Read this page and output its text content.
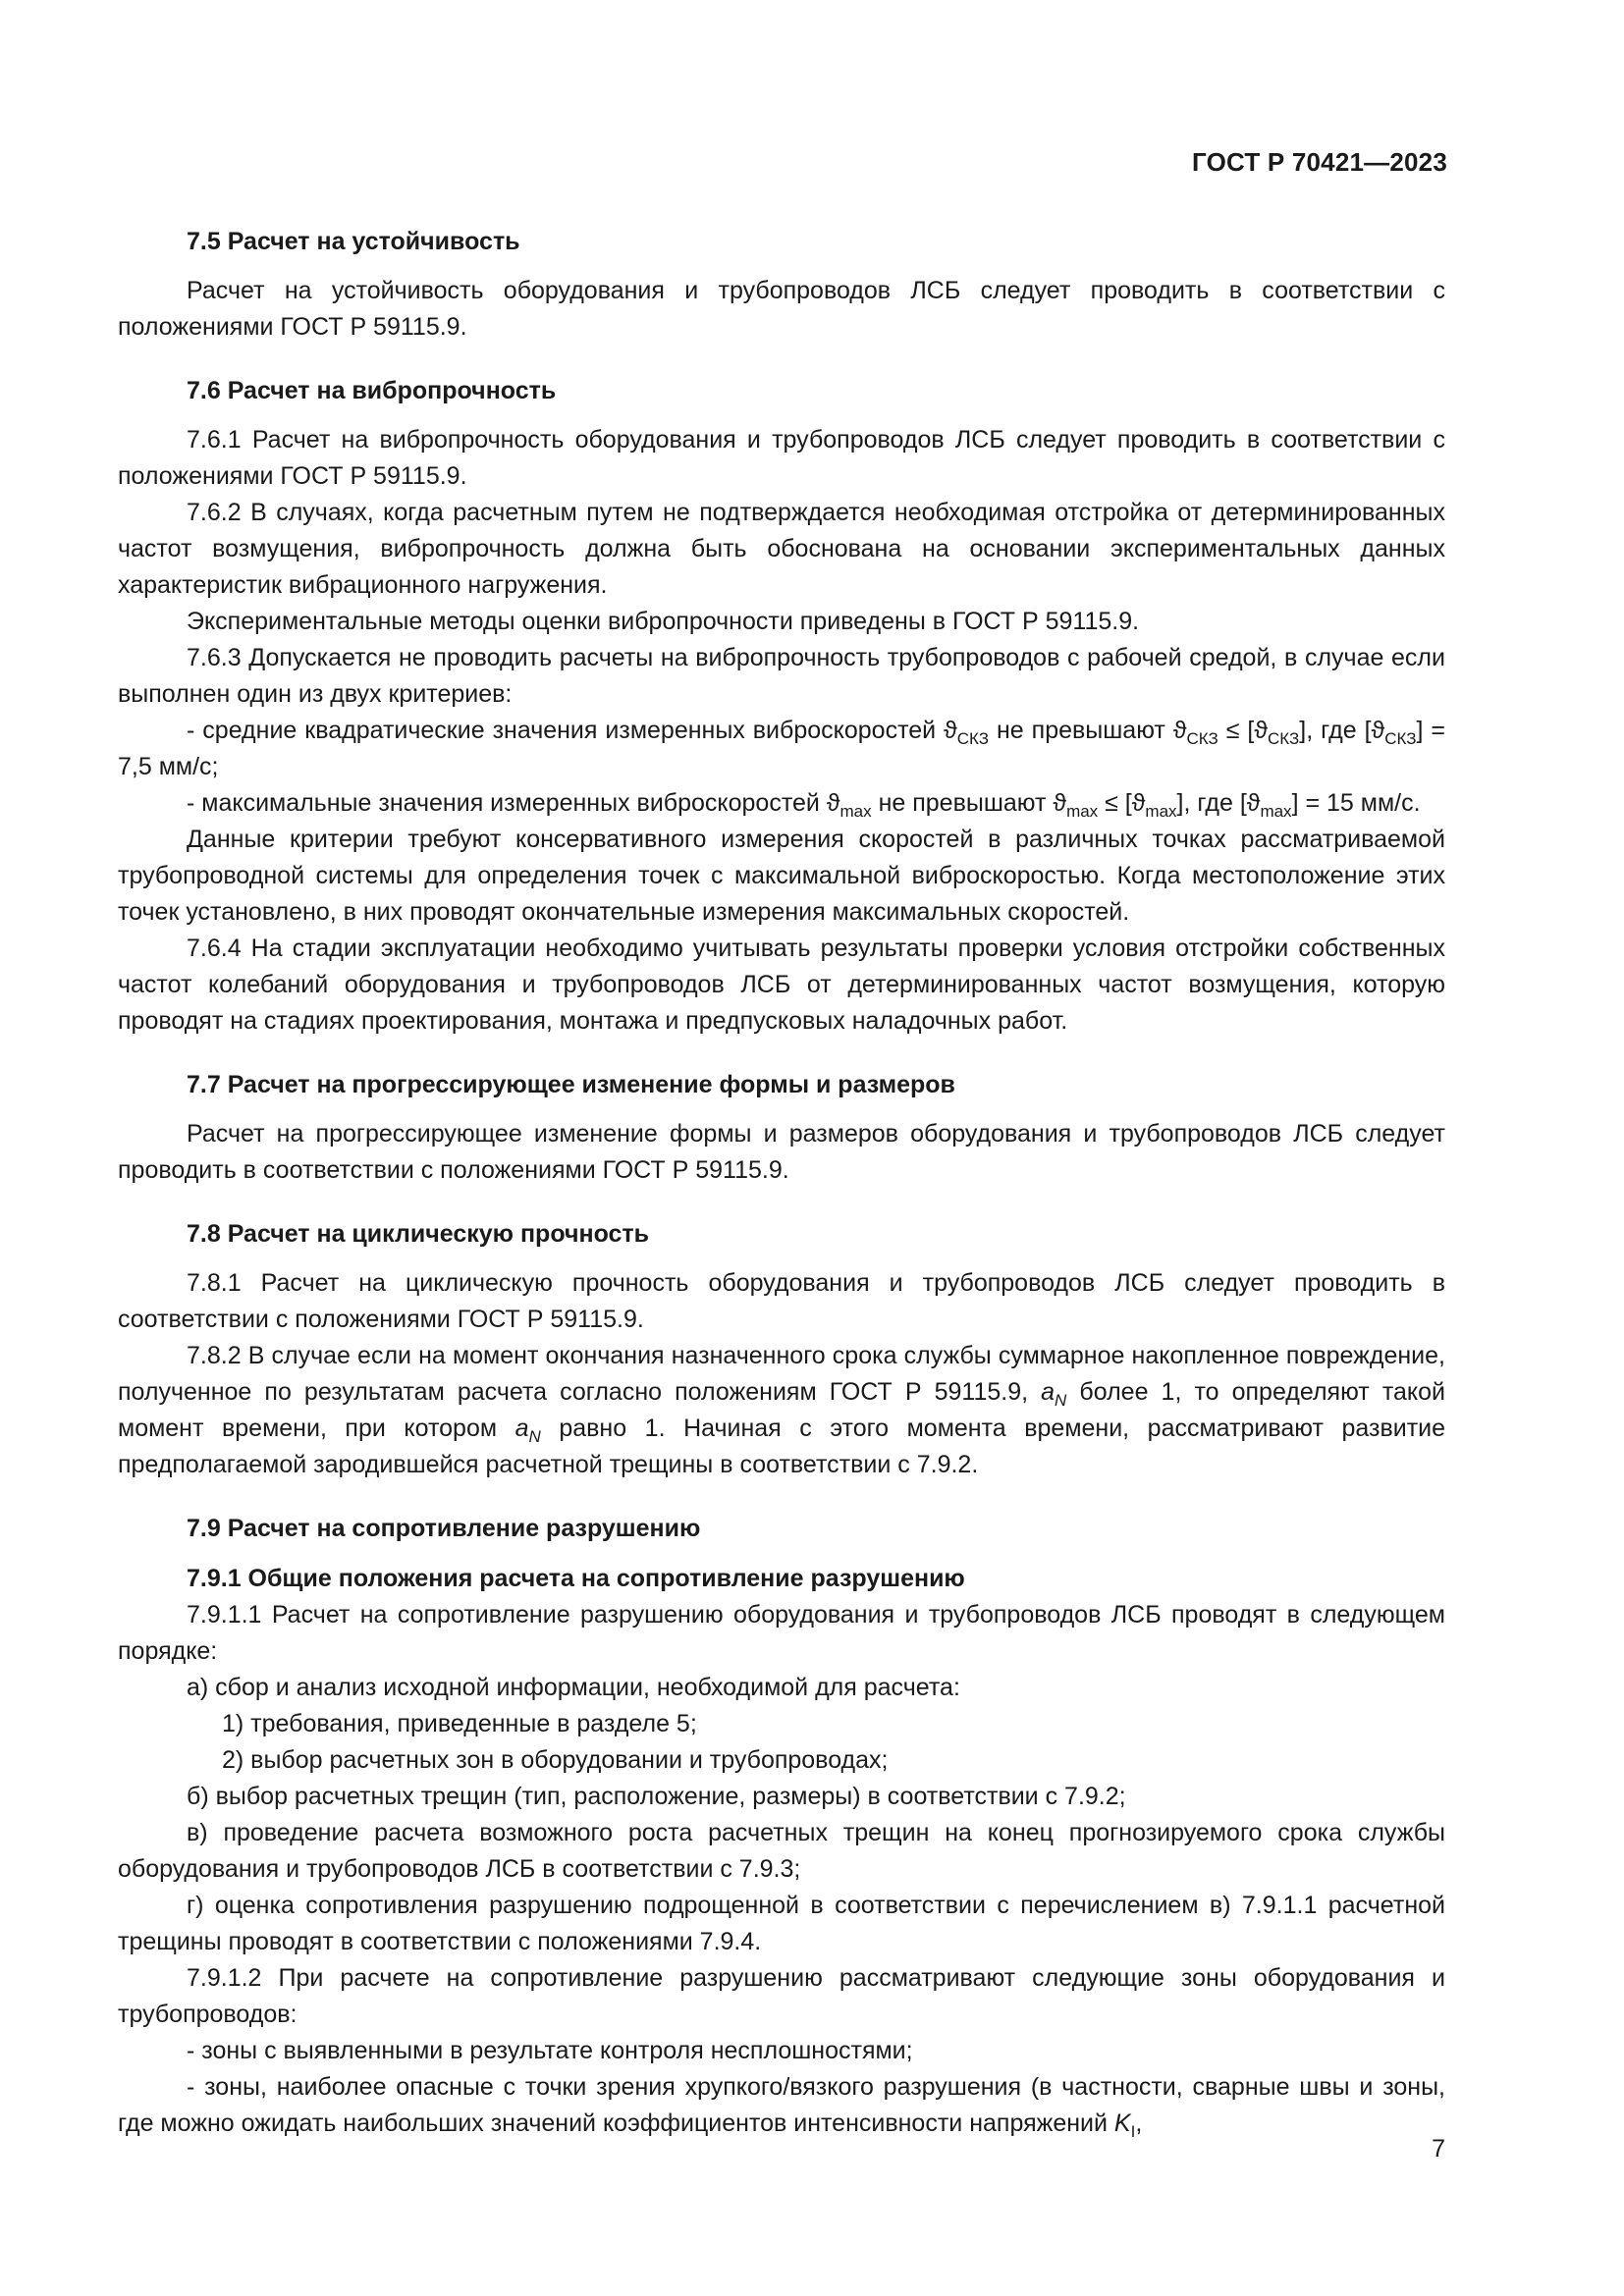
ГОСТ Р 70421—2023
7.5 Расчет на устойчивость

Расчет на устойчивость оборудования и трубопроводов ЛСБ следует проводить в соответствии с положениями ГОСТ Р 59115.9.

7.6 Расчет на вибропрочность

7.6.1 Расчет на вибропрочность оборудования и трубопроводов ЛСБ следует проводить в соответствии с положениями ГОСТ Р 59115.9.

7.6.2 В случаях, когда расчетным путем не подтверждается необходимая отстройка от детерминированных частот возмущения, вибропрочность должна быть обоснована на основании экспериментальных данных характеристик вибрационного нагружения.

Экспериментальные методы оценки вибропрочности приведены в ГОСТ Р 59115.9.

7.6.3 Допускается не проводить расчеты на вибропрочность трубопроводов с рабочей средой, в случае если выполнен один из двух критериев:

- средние квадратические значения измеренных виброскоростей $ϑ_{СКЗ}$ не превышают $ϑ_{СКЗ} \le [ϑ_{СКЗ}]$, где $[ϑ_{СКЗ}] = 7,5$ мм/с;

- максимальные значения измеренных виброскоростей $ϑ_{max}$ не превышают $ϑ_{max} \le [ϑ_{max}]$, где $[ϑ_{max}] = 15$ мм/с.

Данные критерии требуют консервативного измерения скоростей в различных точках рассматриваемой трубопроводной системы для определения точек с максимальной виброскоростью. Когда местоположение этих точек установлено, в них проводят окончательные измерения максимальных скоростей.

7.6.4 На стадии эксплуатации необходимо учитывать результаты проверки условия отстройки собственных частот колебаний оборудования и трубопроводов ЛСБ от детерминированных частот возмущения, которую проводят на стадиях проектирования, монтажа и предпусковых наладочных работ.

7.7 Расчет на прогрессирующее изменение формы и размеров

Расчет на прогрессирующее изменение формы и размеров оборудования и трубопроводов ЛСБ следует проводить в соответствии с положениями ГОСТ Р 59115.9.

7.8 Расчет на циклическую прочность

7.8.1 Расчет на циклическую прочность оборудования и трубопроводов ЛСБ следует проводить в соответствии с положениями ГОСТ Р 59115.9.

7.8.2 В случае если на момент окончания назначенного срока службы суммарное накопленное повреждение, полученное по результатам расчета согласно положениям ГОСТ Р 59115.9, $a_N$ более 1, то определяют такой момент времени, при котором $a_N$ равно 1. Начиная с этого момента времени, рассматривают развитие предполагаемой зародившейся расчетной трещины в соответствии с 7.9.2.

7.9 Расчет на сопротивление разрушению
7.9.1 Общие положения расчета на сопротивление разрушению

7.9.1.1 Расчет на сопротивление разрушению оборудования и трубопроводов ЛСБ проводят в следующем порядке:

а) сбор и анализ исходной информации, необходимой для расчета:

1) требования, приведенные в разделе 5;

2) выбор расчетных зон в оборудовании и трубопроводах;

б) выбор расчетных трещин (тип, расположение, размеры) в соответствии с 7.9.2;

в) проведение расчета возможного роста расчетных трещин на конец прогнозируемого срока службы оборудования и трубопроводов ЛСБ в соответствии с 7.9.3;

г) оценка сопротивления разрушению подрощенной в соответствии с перечислением в) 7.9.1.1 расчетной трещины проводят в соответствии с положениями 7.9.4.

7.9.1.2 При расчете на сопротивление разрушению рассматривают следующие зоны оборудования и трубопроводов:

- зоны с выявленными в результате контроля несплошностями;

- зоны, наиболее опасные с точки зрения хрупкого/вязкого разрушения (в частности, сварные швы и зоны, где можно ожидать наибольших значений коэффициентов интенсивности напряжений $K_I$,

7
